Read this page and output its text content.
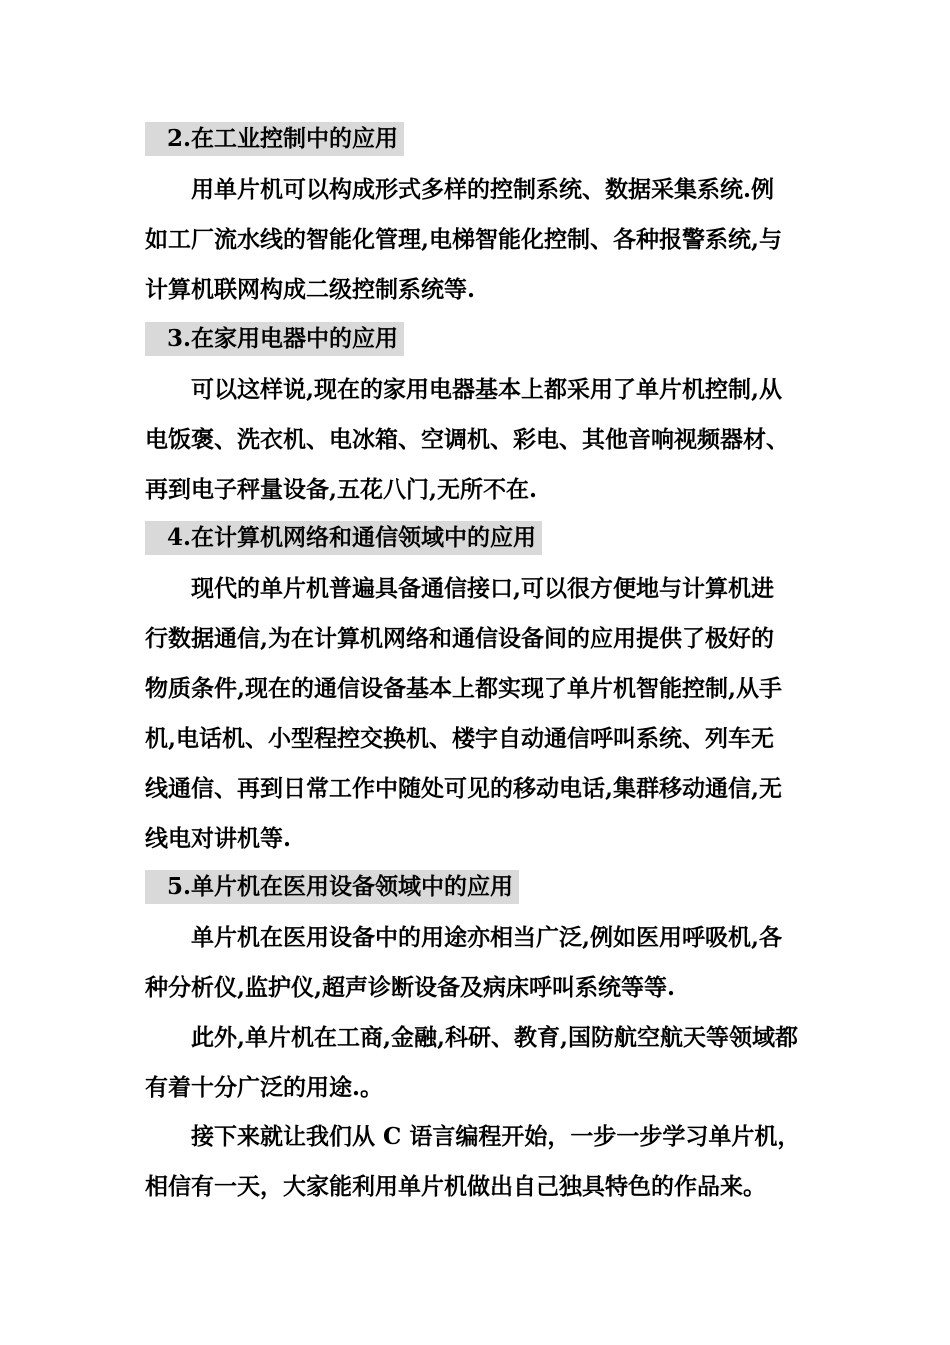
2.在工业控制中的应用
用单片机可以构成形式多样的控制系统、数据采集系统.例
如工厂流水线的智能化管理,电梯智能化控制、各种报警系统,与
计算机联网构成二级控制系统等.
3.在家用电器中的应用
可以这样说,现在的家用电器基本上都采用了单片机控制,从
电饭褒、洗衣机、电冰箱、空调机、彩电、其他音响视频器材、
再到电子秤量设备,五花八门,无所不在.
4.在计算机网络和通信领域中的应用
现代的单片机普遍具备通信接口,可以很方便地与计算机进
行数据通信,为在计算机网络和通信设备间的应用提供了极好的
物质条件,现在的通信设备基本上都实现了单片机智能控制,从手
机,电话机、小型程控交换机、楼宇自动通信呼叫系统、列车无
线通信、再到日常工作中随处可见的移动电话,集群移动通信,无
线电对讲机等.
5.单片机在医用设备领域中的应用
单片机在医用设备中的用途亦相当广泛,例如医用呼吸机,各
种分析仪,监护仪,超声诊断设备及病床呼叫系统等等.
此外,单片机在工商,金融,科研、教育,国防航空航天等领域都
有着十分广泛的用途.。
接下来就让我们从 C 语言编程开始，一步一步学习单片机，
相信有一天，大家能利用单片机做出自己独具特色的作品来。
